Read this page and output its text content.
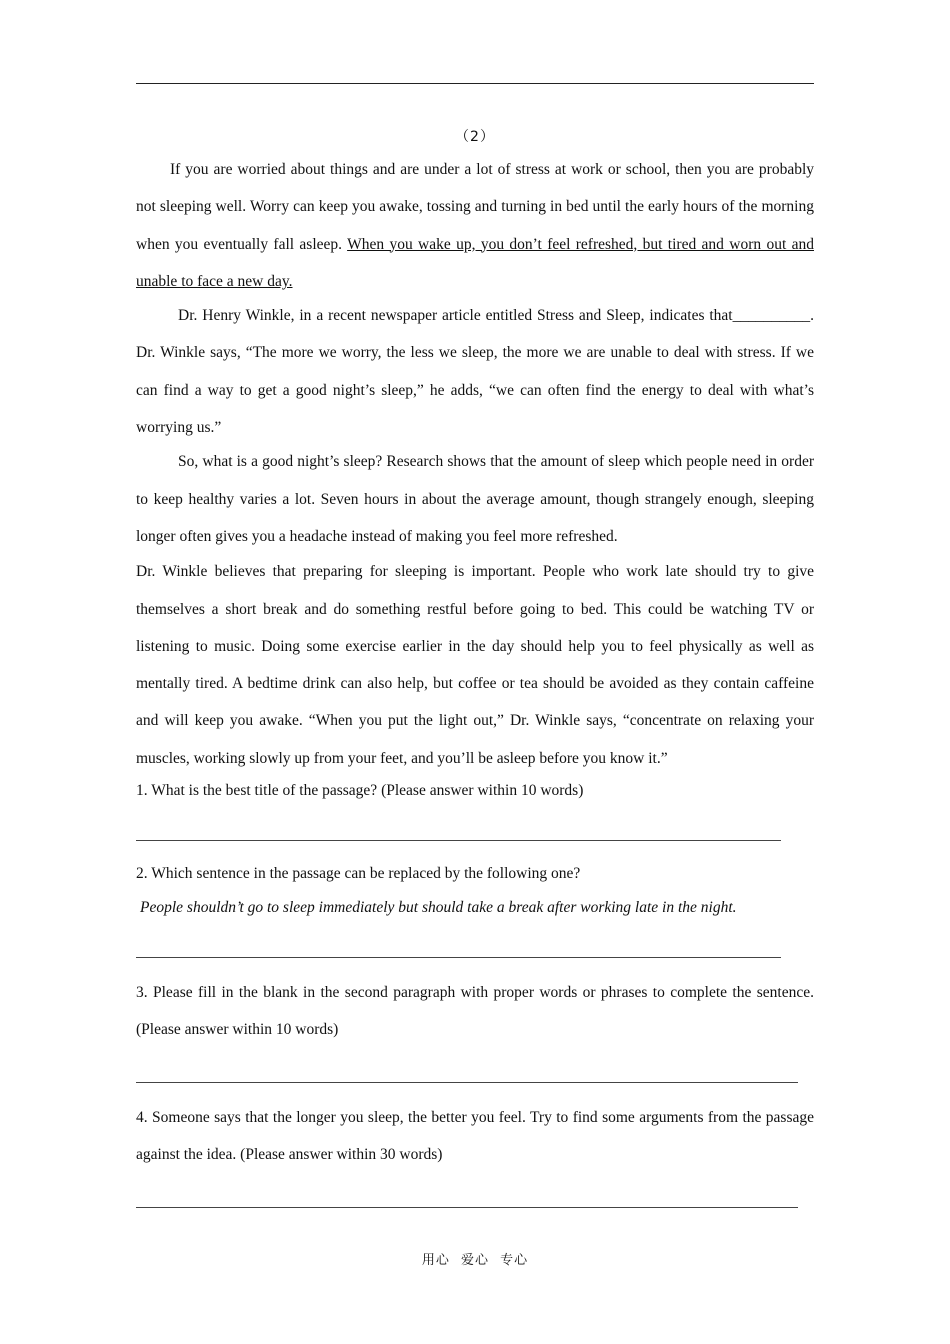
（2）

If you are worried about things and are under a lot of stress at work or school, then you are probably not sleeping well. Worry can keep you awake, tossing and turning in bed until the early hours of the morning when you eventually fall asleep. When you wake up, you don’t feel refreshed, but tired and worn out and unable to face a new day.

Dr. Henry Winkle, in a recent newspaper article entitled Stress and Sleep, indicates that__________. Dr. Winkle says, “The more we worry, the less we sleep, the more we are unable to deal with stress. If we can find a way to get a good night’s sleep,” he adds, “we can often find the energy to deal with what’s worrying us.”

So, what is a good night’s sleep? Research shows that the amount of sleep which people need in order to keep healthy varies a lot. Seven hours in about the average amount, though strangely enough, sleeping longer often gives you a headache instead of making you feel more refreshed.

Dr. Winkle believes that preparing for sleeping is important. People who work late should try to give themselves a short break and do something restful before going to bed. This could be watching TV or listening to music. Doing some exercise earlier in the day should help you to feel physically as well as mentally tired. A bedtime drink can also help, but coffee or tea should be avoided as they contain caffeine and will keep you awake. “When you put the light out,” Dr. Winkle says, “concentrate on relaxing your muscles, working slowly up from your feet, and you’ll be asleep before you know it.”

1. What is the best title of the passage? (Please answer within 10 words)

2. Which sentence in the passage can be replaced by the following one?

People shouldn’t go to sleep immediately but should take a break after working late in the night.

3. Please fill in the blank in the second paragraph with proper words or phrases to complete the sentence. (Please answer within 10 words)

4. Someone says that the longer you sleep, the better you feel. Try to find some arguments from the passage against the idea. (Please answer within 30 words)

用心 爱心 专心
